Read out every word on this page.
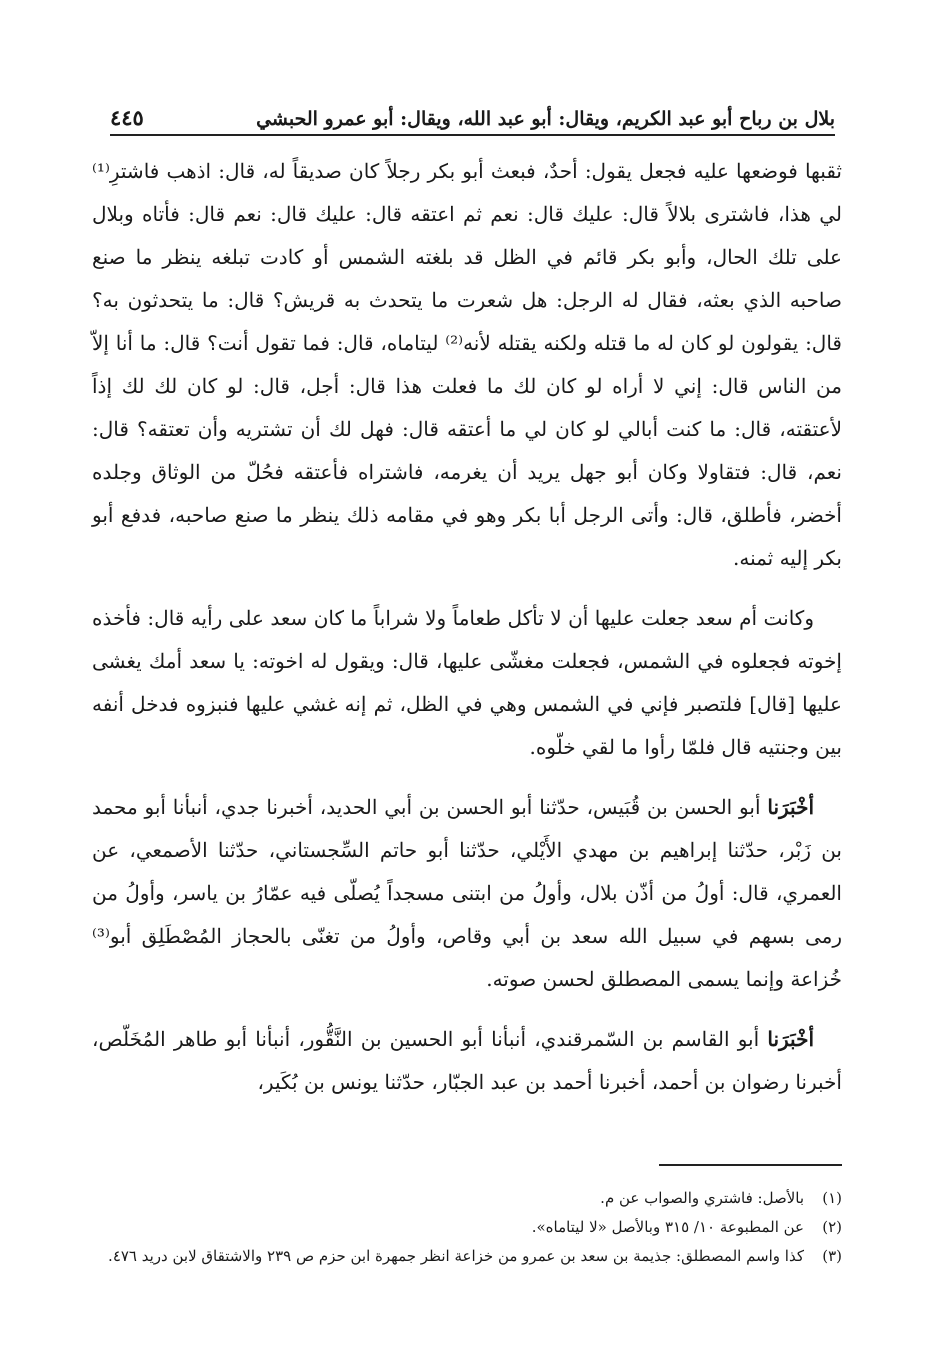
بلال بن رباح أبو عبد الكريم، ويقال: أبو عبد الله، ويقال: أبو عمرو الحبشي
٤٤٥

ثقبها فوضعها عليه فجعل يقول: أحدٌ، فبعث أبو بكر رجلاً كان صديقاً له، قال: اذهب فاشترِ⁽¹⁾ لي هذا، فاشترى بلالاً قال: عليك قال: نعم ثم اعتقه قال: عليك قال: نعم قال: فأتاه وبلال على تلك الحال، وأبو بكر قائم في الظل قد بلغته الشمس أو كادت تبلغه ينظر ما صنع صاحبه الذي بعثه، فقال له الرجل: هل شعرت ما يتحدث به قريش؟ قال: ما يتحدثون به؟ قال: يقولون لو كان له ما قتله ولكنه يقتله لأنه⁽²⁾ ليتاماه، قال: فما تقول أنت؟ قال: ما أنا إلاّ من الناس قال: إني لا أراه لو كان لك ما فعلت هذا قال: أجل، قال: لو كان لك لك إذاً لأعتقته، قال: ما كنت أبالي لو كان لي ما أعتقه قال: فهل لك أن تشتريه وأن تعتقه؟ قال: نعم، قال: فتقاولا وكان أبو جهل يريد أن يغرمه، فاشتراه فأعتقه فحُلّ من الوثاق وجلده أخضر، فأطلق، قال: وأتى الرجل أبا بكر وهو في مقامه ذلك ينظر ما صنع صاحبه، فدفع أبو بكر إليه ثمنه.

وكانت أم سعد جعلت عليها أن لا تأكل طعاماً ولا شراباً ما كان سعد على رأيه قال: فأخذه إخوته فجعلوه في الشمس، فجعلت مغشّى عليها، قال: ويقول له اخوته: يا سعد أمك يغشى عليها [قال] فلتصبر فإني في الشمس وهي في الظل، ثم إنه غشي عليها فنبزوه فدخل أنفه بين وجنتيه قال فلمّا رأوا ما لقي خلّوه.

أخْبَرَنا أبو الحسن بن قُبَيس، حدّثنا أبو الحسن بن أبي الحديد، أخبرنا جدي، أنبأنا أبو محمد بن زَبْر، حدّثنا إبراهيم بن مهدي الأَيْلي، حدّثنا أبو حاتم السِّجستاني، حدّثنا الأصمعي، عن العمري، قال: أولُ من أذّن بلال، وأولُ من ابتنى مسجداً يُصلّى فيه عمّارُ بن ياسر، وأولُ من رمى بسهم في سبيل الله سعد بن أبي وقاص، وأولُ من تغنّى بالحجاز المُصْطَلِق أبو⁽³⁾ خُزاعة وإنما يسمى المصطلق لحسن صوته.

أخْبَرَنا أبو القاسم بن السّمرقندي، أنبأنا أبو الحسين بن النَّقُّور، أنبأنا أبو طاهر المُخَلّص، أخبرنا رضوان بن أحمد، أخبرنا أحمد بن عبد الجبّار، حدّثنا يونس بن بُكَير،

(١)
بالأصل: فاشتري والصواب عن م.

(٢)
عن المطبوعة ١٠/ ٣١٥ وبالأصل «لا ليتاماه».

(٣)
كذا واسم المصطلق: جذيمة بن سعد بن عمرو من خزاعة انظر جمهرة ابن حزم ص ٢٣٩ والاشتقاق لابن دريد ٤٧٦.
